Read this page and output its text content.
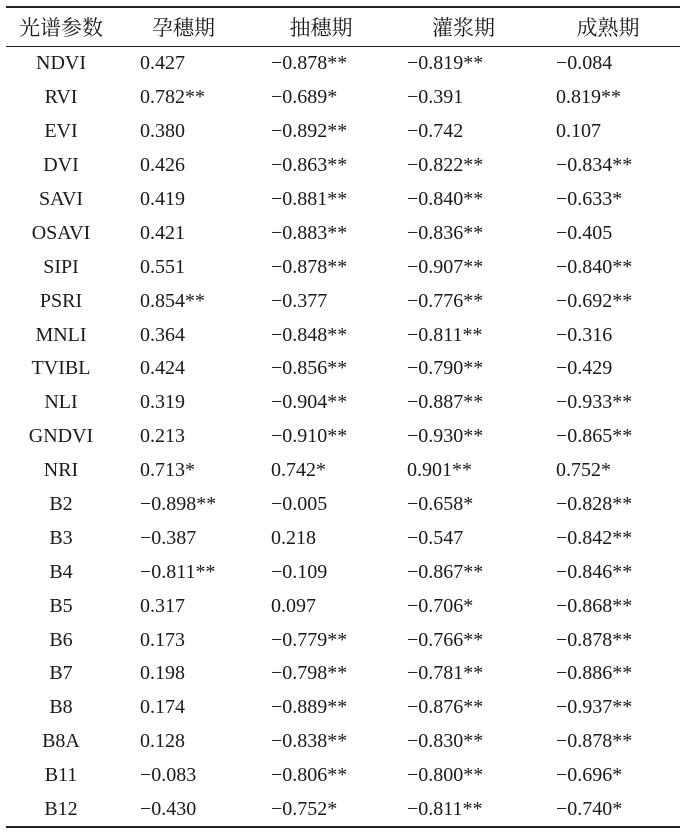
光谱参数	孕穗期	抽穗期	灌浆期	成熟期
NDVI	0.427	−0.878**	−0.819**	−0.084
RVI	0.782**	−0.689*	−0.391	0.819**
EVI	0.380	−0.892**	−0.742	0.107
DVI	0.426	−0.863**	−0.822**	−0.834**
SAVI	0.419	−0.881**	−0.840**	−0.633*
OSAVI	0.421	−0.883**	−0.836**	−0.405
SIPI	0.551	−0.878**	−0.907**	−0.840**
PSRI	0.854**	−0.377	−0.776**	−0.692**
MNLI	0.364	−0.848**	−0.811**	−0.316
TVIBL	0.424	−0.856**	−0.790**	−0.429
NLI	0.319	−0.904**	−0.887**	−0.933**
GNDVI	0.213	−0.910**	−0.930**	−0.865**
NRI	0.713*	0.742*	0.901**	0.752*
B2	−0.898**	−0.005	−0.658*	−0.828**
B3	−0.387	0.218	−0.547	−0.842**
B4	−0.811**	−0.109	−0.867**	−0.846**
B5	0.317	0.097	−0.706*	−0.868**
B6	0.173	−0.779**	−0.766**	−0.878**
B7	0.198	−0.798**	−0.781**	−0.886**
B8	0.174	−0.889**	−0.876**	−0.937**
B8A	0.128	−0.838**	−0.830**	−0.878**
B11	−0.083	−0.806**	−0.800**	−0.696*
B12	−0.430	−0.752*	−0.811**	−0.740*
